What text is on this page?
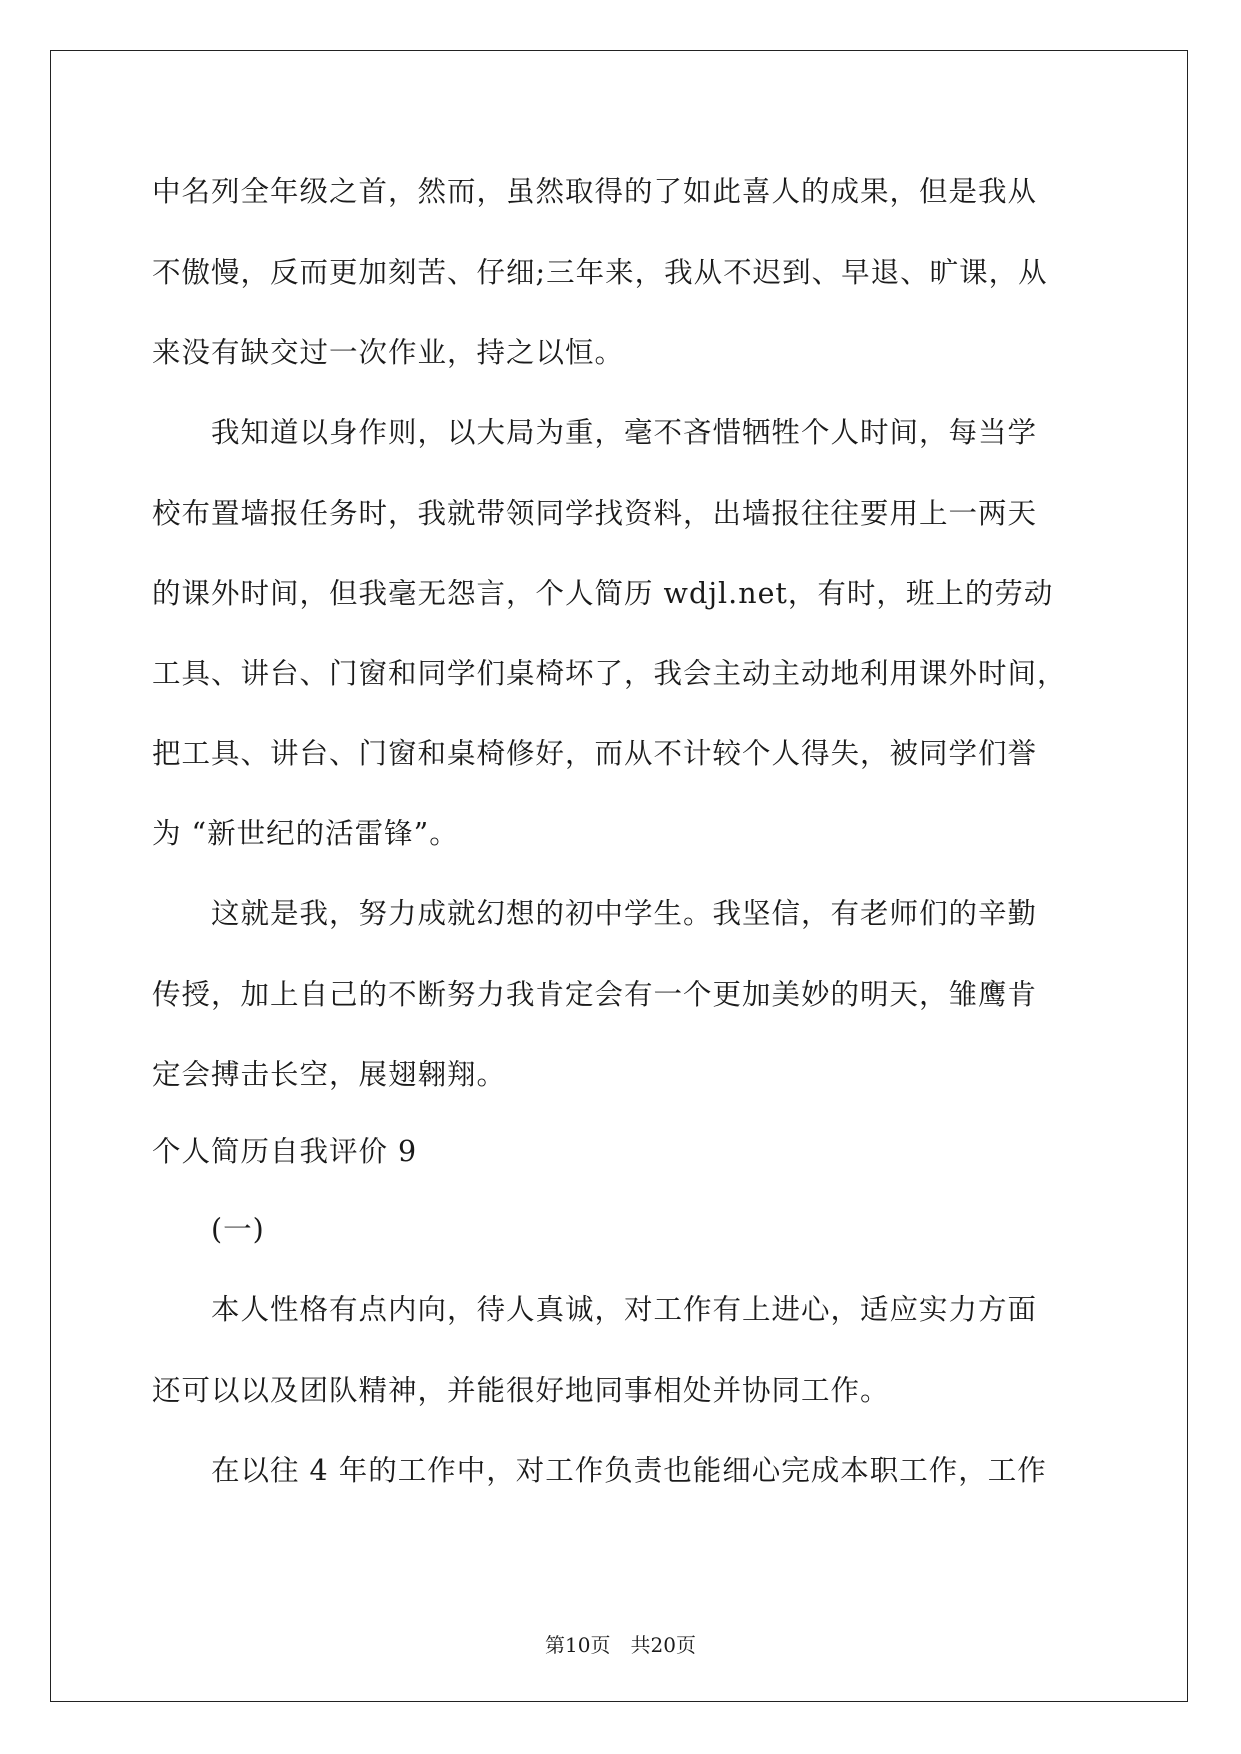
中名列全年级之首，然而，虽然取得的了如此喜人的成果，但是我从
不傲慢，反而更加刻苦、仔细;三年来，我从不迟到、早退、旷课，从
来没有缺交过一次作业，持之以恒。
　　我知道以身作则，以大局为重，毫不吝惜牺牲个人时间，每当学
校布置墙报任务时，我就带领同学找资料，出墙报往往要用上一两天
的课外时间，但我毫无怨言，个人简历 wdjl.net，有时，班上的劳动
工具、讲台、门窗和同学们桌椅坏了，我会主动主动地利用课外时间，
把工具、讲台、门窗和桌椅修好，而从不计较个人得失，被同学们誉
为 “新世纪的活雷锋”。
　　这就是我，努力成就幻想的初中学生。我坚信，有老师们的辛勤
传授，加上自己的不断努力我肯定会有一个更加美妙的明天，雏鹰肯
定会搏击长空，展翅翱翔。
个人简历自我评价 9
　　(一)
　　本人性格有点内向，待人真诚，对工作有上进心，适应实力方面
还可以以及团队精神，并能很好地同事相处并协同工作。
　　在以往 4 年的工作中，对工作负责也能细心完成本职工作，工作
第10页　共20页
